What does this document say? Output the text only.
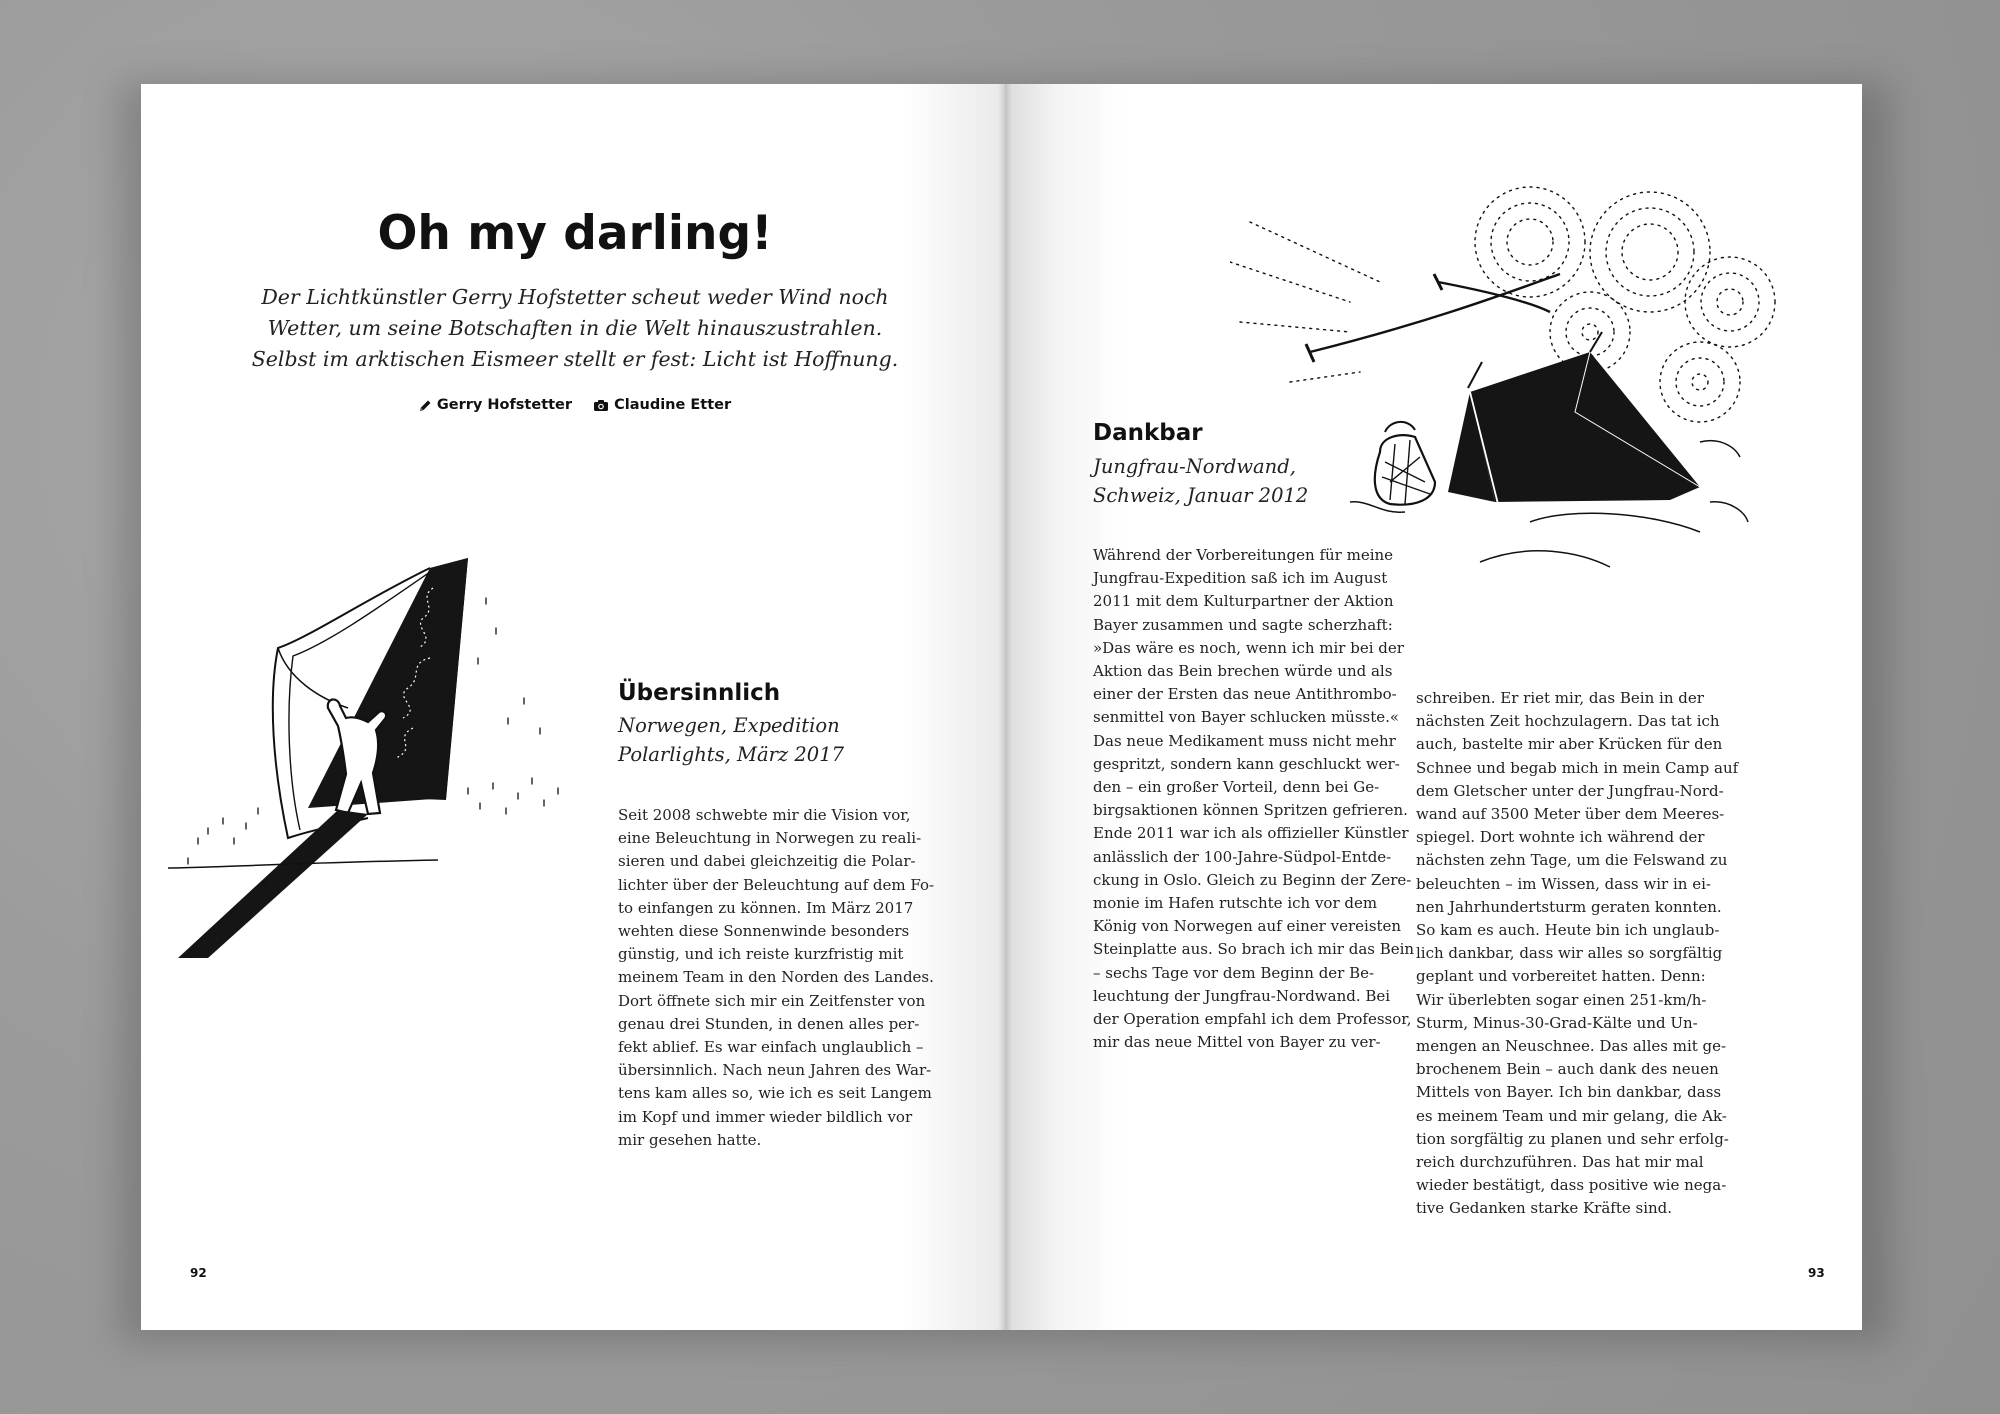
Oh my darling!
Der Lichtkünstler Gerry Hofstetter scheut weder Wind noch
Wetter, um seine Botschaften in die Welt hinauszustrahlen.
Selbst im arktischen Eismeer stellt er fest: Licht ist Hoffnung.
Gerry Hofstetter
	Claudine Etter
Übersinnlich
Norwegen, Expedition
Polarlights, März 2017

Seit 2008 schwebte mir die Vision vor,

eine Beleuchtung in Norwegen zu reali-

sieren und dabei gleichzeitig die Polar-

lichter über der Beleuchtung auf dem Fo-

to einfangen zu können. Im März 2017

wehten diese Sonnenwinde besonders

günstig, und ich reiste kurzfristig mit

meinem Team in den Norden des Landes.

Dort öffnete sich mir ein Zeitfenster von

genau drei Stunden, in denen alles per-

fekt ablief. Es war einfach unglaublich –

übersinnlich. Nach neun Jahren des War-

tens kam alles so, wie ich es seit Langem

im Kopf und immer wieder bildlich vor

mir gesehen hatte.

92
Dankbar
Jungfrau-Nordwand,
Schweiz, Januar 2012

Während der Vorbereitungen für meine

Jungfrau-Expedition saß ich im August

2011 mit dem Kulturpartner der Aktion

Bayer zusammen und sagte scherzhaft:

»Das wäre es noch, wenn ich mir bei der

Aktion das Bein brechen würde und als

einer der Ersten das neue Antithrombo-

senmittel von Bayer schlucken müsste.«

Das neue Medikament muss nicht mehr

gespritzt, sondern kann geschluckt wer-

den – ein großer Vorteil, denn bei Ge-

birgsaktionen können Spritzen gefrieren.

Ende 2011 war ich als offizieller Künstler

anlässlich der 100-Jahre-Südpol-Entde-

ckung in Oslo. Gleich zu Beginn der Zere-

monie im Hafen rutschte ich vor dem

König von Norwegen auf einer vereisten

Steinplatte aus. So brach ich mir das Bein

– sechs Tage vor dem Beginn der Be-

leuchtung der Jungfrau-Nordwand. Bei

der Operation empfahl ich dem Professor,

mir das neue Mittel von Bayer zu ver-

schreiben. Er riet mir, das Bein in der

nächsten Zeit hochzulagern. Das tat ich

auch, bastelte mir aber Krücken für den

Schnee und begab mich in mein Camp auf

dem Gletscher unter der Jungfrau-Nord-

wand auf 3500 Meter über dem Meeres-

spiegel. Dort wohnte ich während der

nächsten zehn Tage, um die Felswand zu

beleuchten – im Wissen, dass wir in ei-

nen Jahrhundertsturm geraten konnten.

So kam es auch. Heute bin ich unglaub-

lich dankbar, dass wir alles so sorgfältig

geplant und vorbereitet hatten. Denn:

Wir überlebten sogar einen 251-km/h-

Sturm, Minus-30-Grad-Kälte und Un-

mengen an Neuschnee. Das alles mit ge-

brochenem Bein – auch dank des neuen

Mittels von Bayer. Ich bin dankbar, dass

es meinem Team und mir gelang, die Ak-

tion sorgfältig zu planen und sehr erfolg-

reich durchzuführen. Das hat mir mal

wieder bestätigt, dass positive wie nega-

tive Gedanken starke Kräfte sind.

93
